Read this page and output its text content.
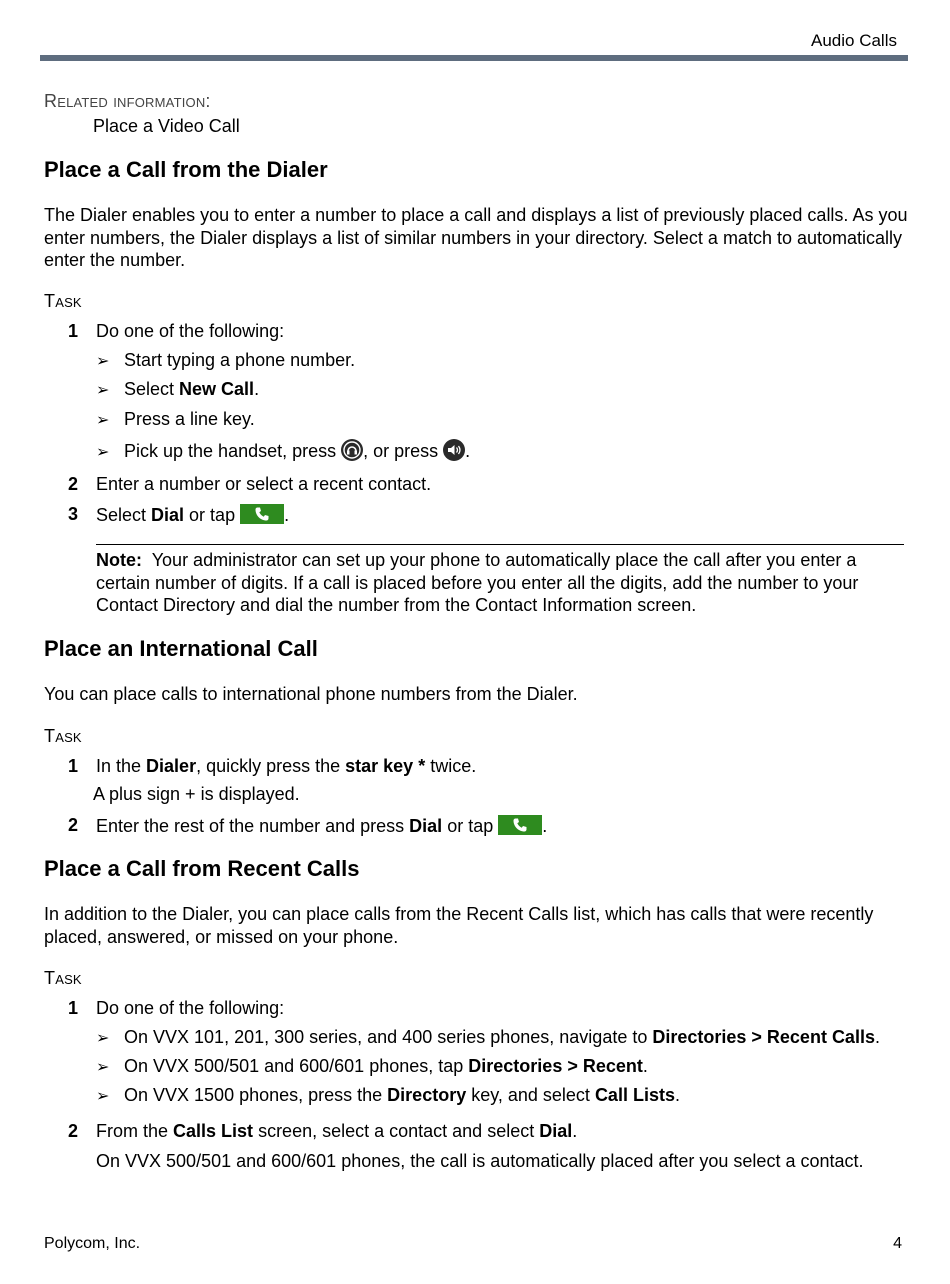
Audio Calls
Related information:
Place a Video Call
Place a Call from the Dialer
The Dialer enables you to enter a number to place a call and displays a list of previously placed calls. As you enter numbers, the Dialer displays a list of similar numbers in your directory. Select a match to automatically enter the number.
Task
1 Do one of the following:
➢ Start typing a phone number.
➢ Select New Call.
➢ Press a line key.
➢ Pick up the handset, press
, or press
.
2 Enter a number or select a recent contact.
3 Select Dial or tap
.
Note: Your administrator can set up your phone to automatically place the call after you enter a certain number of digits. If a call is placed before you enter all the digits, add the number to your Contact Directory and dial the number from the Contact Information screen.
Place an International Call
You can place calls to international phone numbers from the Dialer.
Task
1 In the Dialer, quickly press the star key * twice.
A plus sign + is displayed.
2 Enter the rest of the number and press Dial or tap
.
Place a Call from Recent Calls
In addition to the Dialer, you can place calls from the Recent Calls list, which has calls that were recently placed, answered, or missed on your phone.
Task
1 Do one of the following:
➢ On VVX 101, 201, 300 series, and 400 series phones, navigate to Directories > Recent Calls.
➢ On VVX 500/501 and 600/601 phones, tap Directories > Recent.
➢ On VVX 1500 phones, press the Directory key, and select Call Lists.
2 From the Calls List screen, select a contact and select Dial.
On VVX 500/501 and 600/601 phones, the call is automatically placed after you select a contact.
Polycom, Inc.	4
